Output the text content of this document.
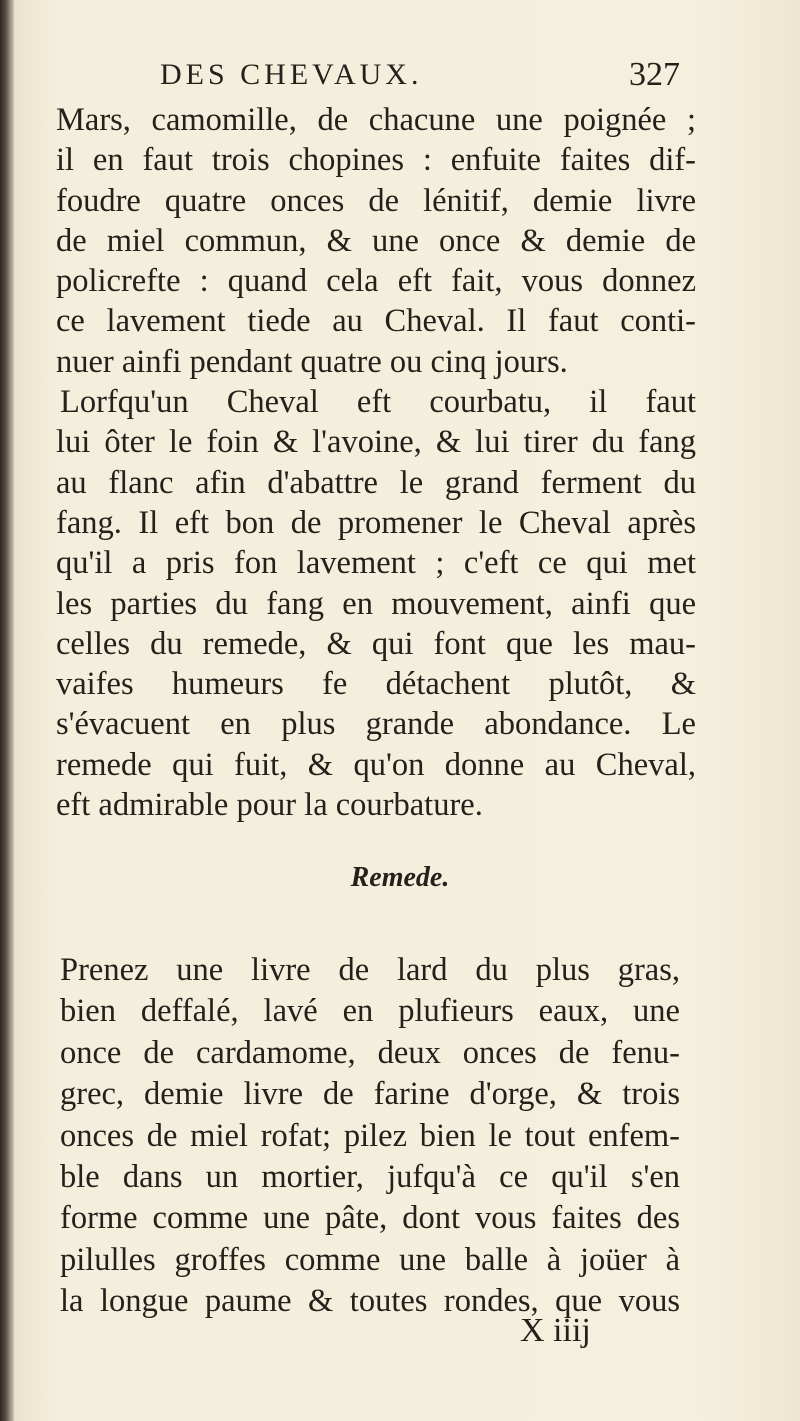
DES CHEVAUX.	327
Mars, camomille, de chacune une poignée ;
il en faut trois chopines : enfuite faites dif-
foudre quatre onces de lénitif, demie livre
de miel commun, & une once & demie de
policrefte : quand cela eft fait, vous donnez
ce lavement tiede au Cheval. Il faut conti-
nuer ainfi pendant quatre ou cinq jours.
Lorfqu'un Cheval eft courbatu, il faut
lui ôter le foin & l'avoine, & lui tirer du fang
au flanc afin d'abattre le grand ferment du
fang. Il eft bon de promener le Cheval après
qu'il a pris fon lavement ; c'eft ce qui met
les parties du fang en mouvement, ainfi que
celles du remede, & qui font que les mau-
vaifes humeurs fe détachent plutôt, &
s'évacuent en plus grande abondance. Le
remede qui fuit, & qu'on donne au Cheval,
eft admirable pour la courbature.
Remede.
Prenez une livre de lard du plus gras,
bien deffalé, lavé en plufieurs eaux, une
once de cardamome, deux onces de fenu-
grec, demie livre de farine d'orge, & trois
onces de miel rofat; pilez bien le tout enfem-
ble dans un mortier, jufqu'à ce qu'il s'en
forme comme une pâte, dont vous faites des
pilulles groffes comme une balle à joüer à
la longue paume & toutes rondes, que vous
X iiij
